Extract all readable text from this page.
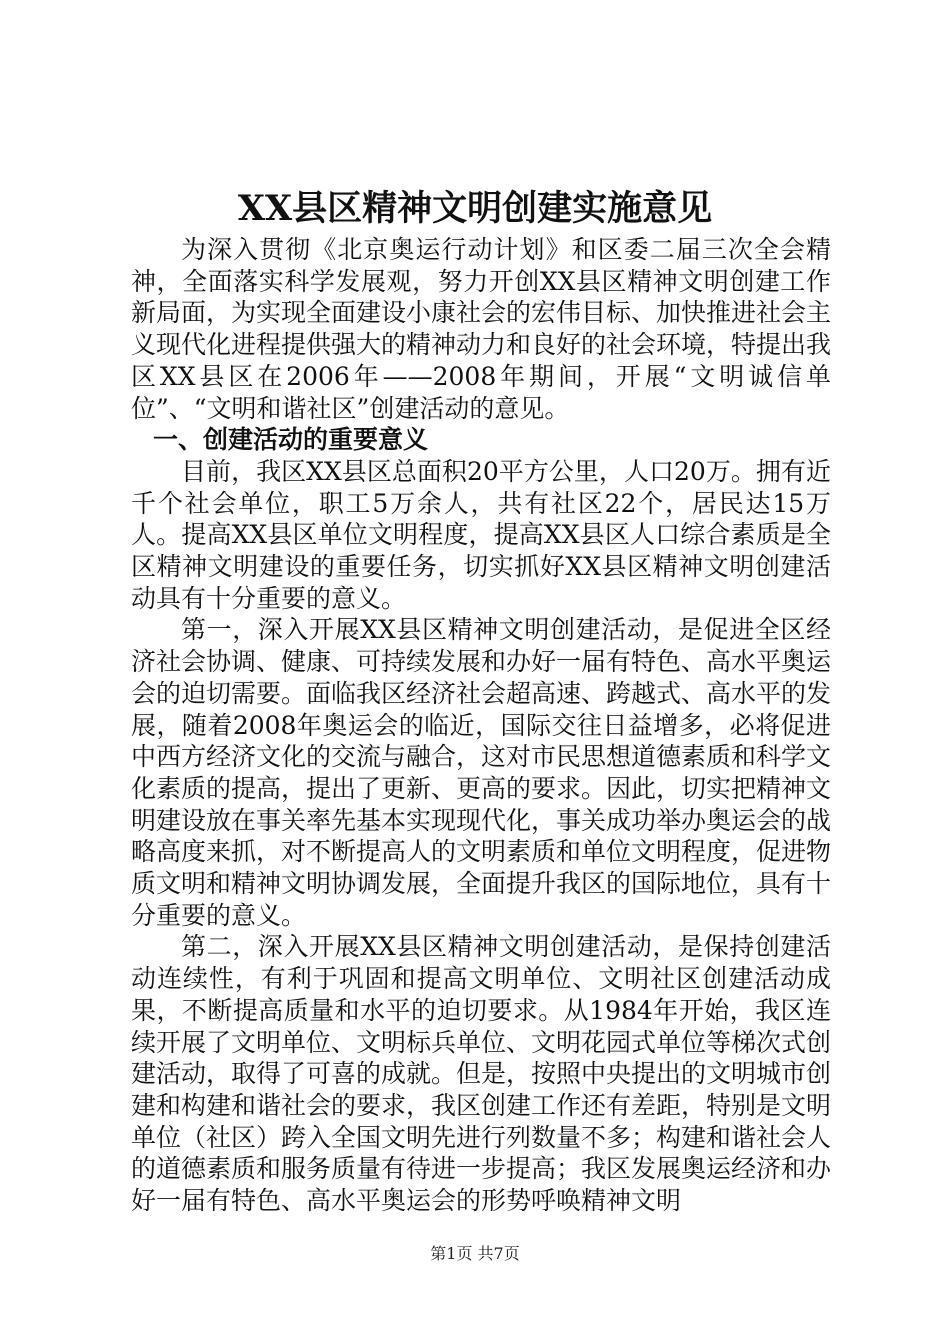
XX县区精神文明创建实施意见

为深入贯彻《北京奥运行动计划》和区委二届三次全会精神，全面落实科学发展观，努力开创XX县区精神文明创建工作新局面，为实现全面建设小康社会的宏伟目标、加快推进社会主义现代化进程提供强大的精神动力和良好的社会环境，特提出我区XX县区在2006年——2008年期间，开展“文明诚信单位”、“文明和谐社区”创建活动的意见。

一、创建活动的重要意义

目前，我区XX县区总面积20平方公里，人口20万。拥有近千个社会单位，职工5万余人，共有社区22个，居民达15万人。提高XX县区单位文明程度，提高XX县区人口综合素质是全区精神文明建设的重要任务，切实抓好XX县区精神文明创建活动具有十分重要的意义。

第一，深入开展XX县区精神文明创建活动，是促进全区经济社会协调、健康、可持续发展和办好一届有特色、高水平奥运会的迫切需要。面临我区经济社会超高速、跨越式、高水平的发展，随着2008年奥运会的临近，国际交往日益增多，必将促进中西方经济文化的交流与融合，这对市民思想道德素质和科学文化素质的提高，提出了更新、更高的要求。因此，切实把精神文明建设放在事关率先基本实现现代化，事关成功举办奥运会的战略高度来抓，对不断提高人的文明素质和单位文明程度，促进物质文明和精神文明协调发展，全面提升我区的国际地位，具有十分重要的意义。

第二，深入开展XX县区精神文明创建活动，是保持创建活动连续性，有利于巩固和提高文明单位、文明社区创建活动成果，不断提高质量和水平的迫切要求。从1984年开始，我区连续开展了文明单位、文明标兵单位、文明花园式单位等梯次式创建活动，取得了可喜的成就。但是，按照中央提出的文明城市创建和构建和谐社会的要求，我区创建工作还有差距，特别是文明单位（社区）跨入全国文明先进行列数量不多；构建和谐社会人的道德素质和服务质量有待进一步提高；我区发展奥运经济和办好一届有特色、高水平奥运会的形势呼唤精神文明

第1页 共7页
